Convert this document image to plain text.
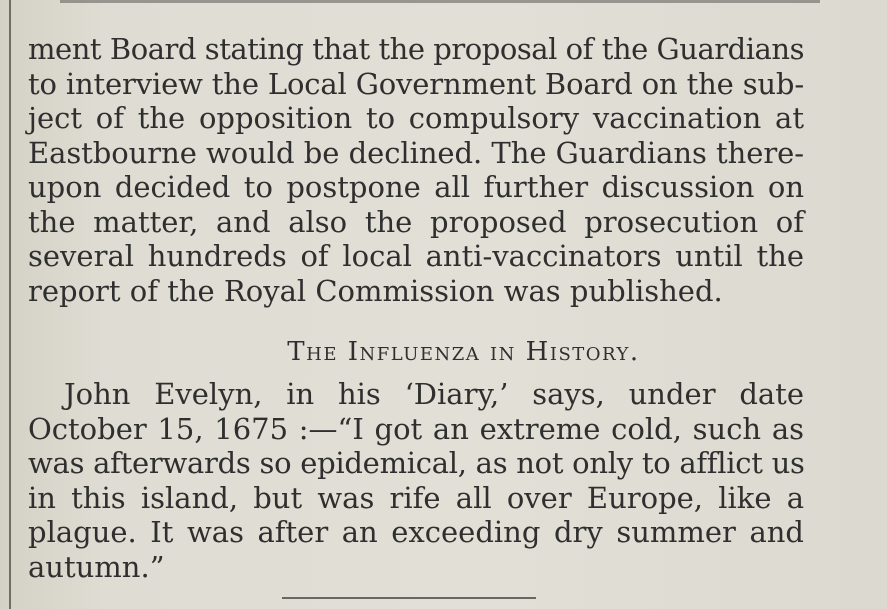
ment Board stating that the proposal of the Guardians
to interview the Local Government Board on the sub-
ject of the opposition to compulsory vaccination at
Eastbourne would be declined. The Guardians there-
upon decided to postpone all further discussion on
the matter, and also the proposed prosecution of
several hundreds of local anti-vaccinators until the
report of the Royal Commission was published.
The Influenza in History.
John Evelyn, in his ‘Diary,’ says, under date
October 15, 1675 :—“I got an extreme cold, such as
was afterwards so epidemical, as not only to afflict us
in this island, but was rife all over Europe, like a
plague. It was after an exceeding dry summer and
autumn.”
